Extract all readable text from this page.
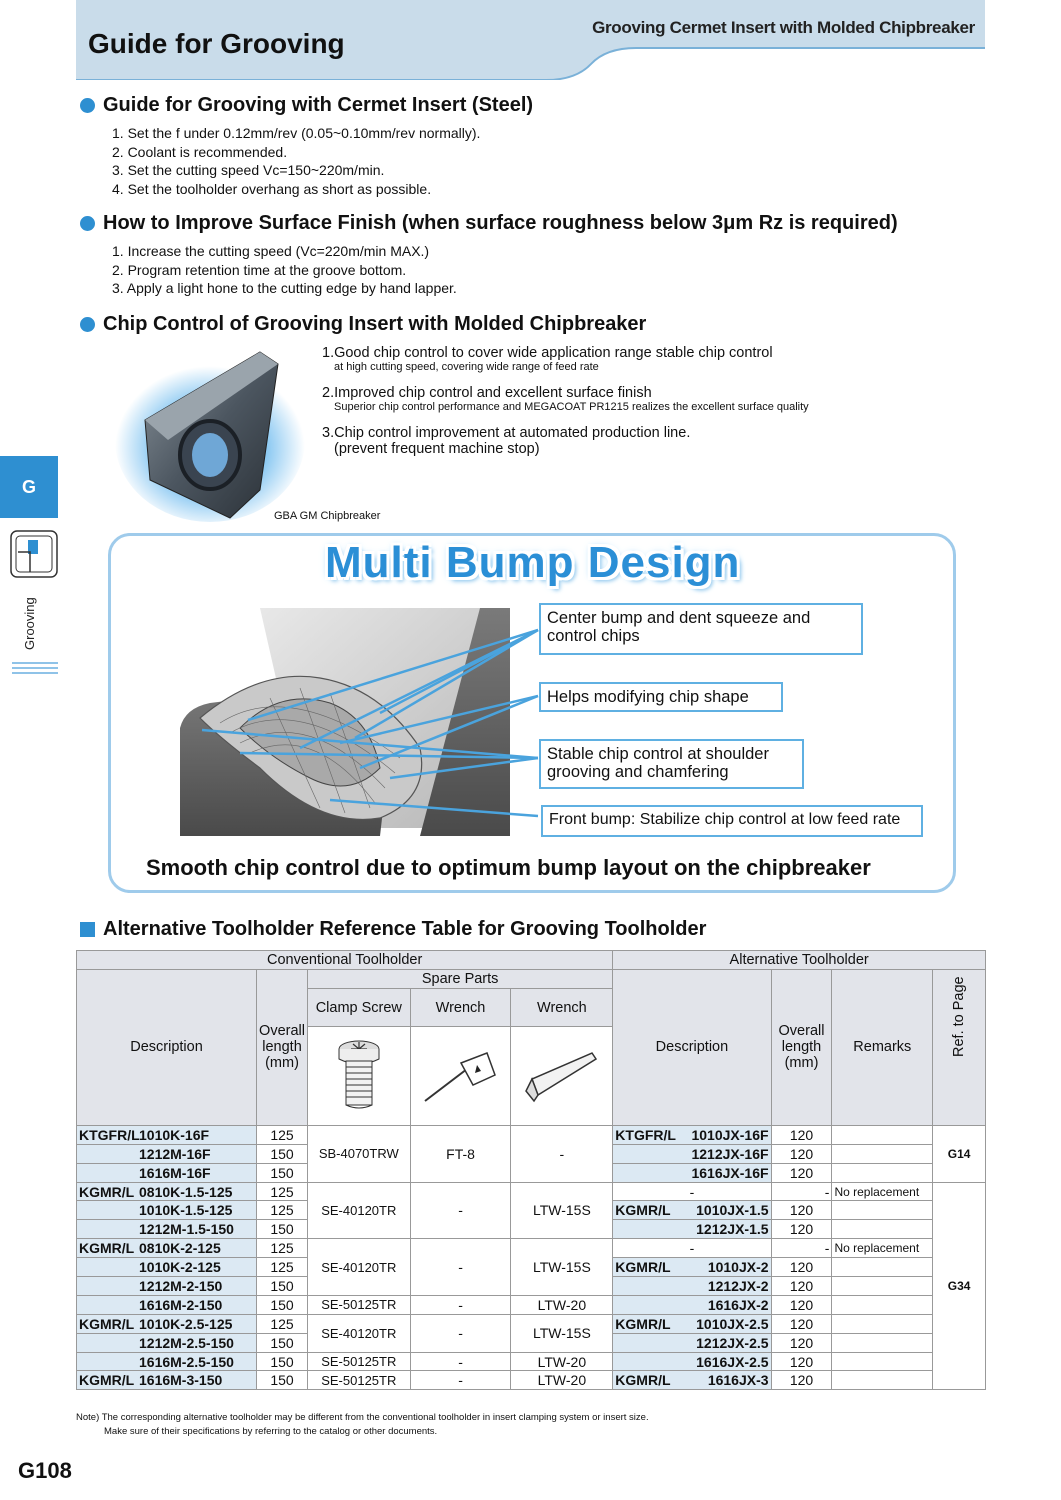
Guide for Grooving
Grooving Cermet Insert with Molded Chipbreaker
G
Grooving
Guide for Grooving with Cermet Insert (Steel)
1. Set the f under 0.12mm/rev (0.05~0.10mm/rev normally).
2. Coolant is recommended.
3. Set the cutting speed Vc=150~220m/min.
4. Set the toolholder overhang as short as possible.
How to Improve Surface Finish (when surface roughness below 3μm Rz is required)
1. Increase the cutting speed (Vc=220m/min MAX.)
2. Program retention time at the groove bottom.
3. Apply a light hone to the cutting edge by hand lapper.
Chip Control of Grooving Insert with Molded Chipbreaker
GBA GM Chipbreaker
1.Good chip control to cover wide application range stable chip control
at high cutting speed, covering wide range of feed rate
2.Improved chip control and excellent surface finish
Superior chip control performance and MEGACOAT PR1215 realizes the excellent surface quality
3.Chip control improvement at automated production line.
(prevent frequent machine stop)
Multi Bump Design
Center bump and dent squeeze and control chips
Helps modifying chip shape
Stable chip control at shoulder grooving and chamfering
Front bump: Stabilize chip control at low feed rate
Smooth chip control due to optimum bump layout on the chipbreaker
Alternative Toolholder Reference Table for Grooving Toolholder
Conventional Toolholder					Alternative Toolholder			
Description	Overall length (mm)	Spare Parts			Description	Overall length (mm)	Remarks	Ref. to Page

		Clamp Screw	Wrench	Wrench				

KTGFR/L1010K-16F	125	SB-4070TRW	FT-8	-	KTGFR/L 1010JX-16F	120		G14
1212M-16F	150				1212JX-16F	120		
1616M-16F	150				1616JX-16F	120		
KGMR/L 0810K-1.5-125	125	SE-40120TR	-	LTW-15S	-	-	No replacement	G34
1010K-1.5-125	125				KGMR/L 1010JX-1.5	120		
1212M-1.5-150	150				1212JX-1.5	120		
KGMR/L 0810K-2-125	125	SE-40120TR	-	LTW-15S	-	-	No replacement	
1010K-2-125	125				KGMR/L 1010JX-2	120		
1212M-2-150	150				1212JX-2	120		
1616M-2-150	150	SE-50125TR	-	LTW-20	1616JX-2	120		
KGMR/L 1010K-2.5-125	125	SE-40120TR	-	LTW-15S	KGMR/L 1010JX-2.5	120		
1212M-2.5-150	150				1212JX-2.5	120		
1616M-2.5-150	150	SE-50125TR	-	LTW-20	1616JX-2.5	120		
KGMR/L 1616M-3-150	150	SE-50125TR	-	LTW-20	KGMR/L 1616JX-3	120		
Note) The corresponding alternative toolholder may be different from the conventional toolholder in insert clamping system or insert size.
Make sure of their specifications by referring to the catalog or other documents.
G108
